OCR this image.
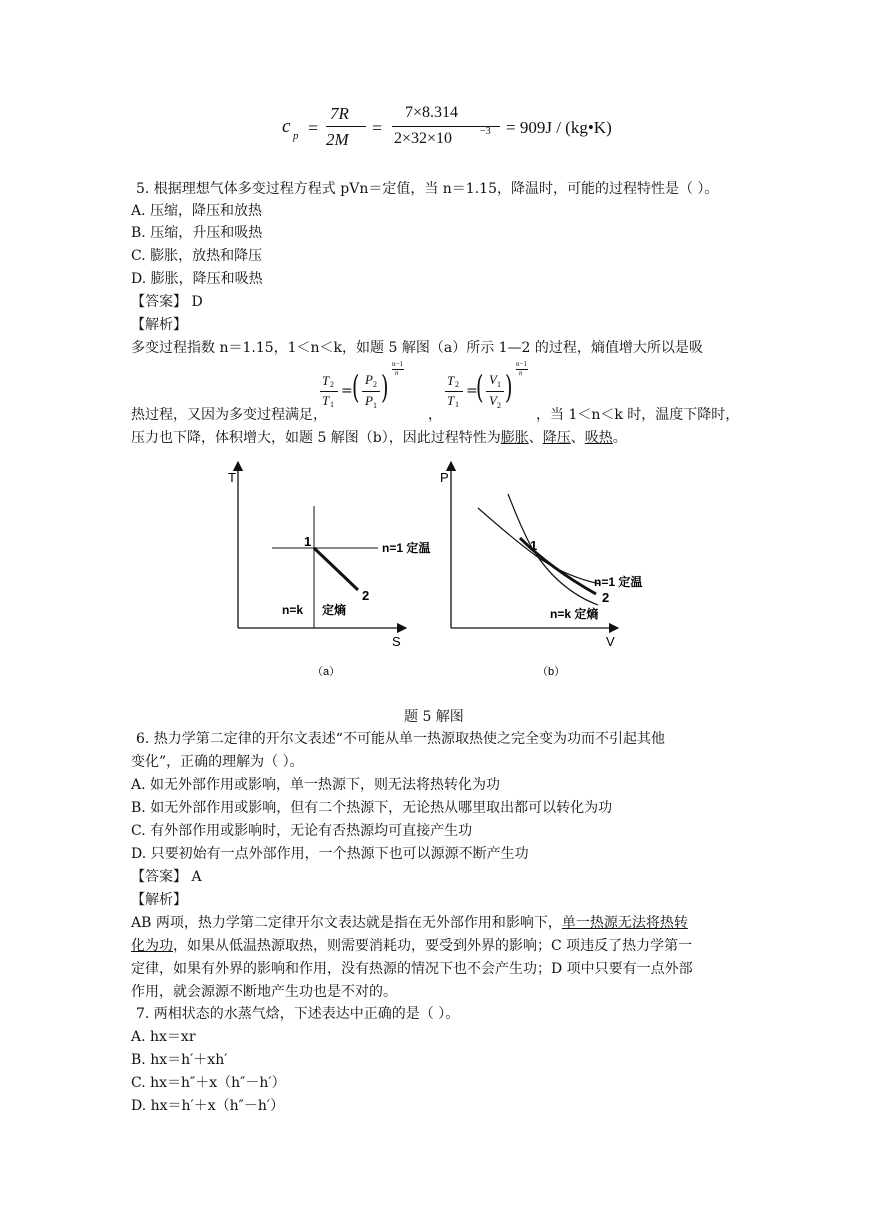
c p =
7R
2M
=
7×8.314
2×32×10	−3 = 909J / (kg•K)
5. 根据理想气体多变过程方程式 pVn＝定值，当 n＝1.15，降温时，可能的过程特性是（ ）。
A. 压缩，降压和放热
B. 压缩，升压和吸热
C. 膨胀，放热和降压
D. 膨胀，降压和吸热
【答案】 D
【解析】
多变过程指数 n＝1.15，1＜n＜k，如题 5 解图（a）所示 1—2 的过程，熵值增大所以是吸
T 2
T 1
= ( P 2
P 1 )
n−1
n	T 2
T 1
=
( V 1
V 2 )
n−1
n
热过程，又因为多变过程满足，	，	，当 1＜n＜k 时，温度下降时，
压力也下降，体积增大，如题 5 解图（b），因此过程特性为膨胀、降压、吸热。
T
S
1
2
n=1 定温
n=k 定熵
（a）
P
V
1
2
n=1 定温
n=k 定熵
（b）
题 5 解图
6. 热力学第二定律的开尔文表述“不可能从单一热源取热使之完全变为功而不引起其他
变化”，正确的理解为（ ）。
A. 如无外部作用或影响，单一热源下，则无法将热转化为功
B. 如无外部作用或影响，但有二个热源下，无论热从哪里取出都可以转化为功
C. 有外部作用或影响时，无论有否热源均可直接产生功
D. 只要初始有一点外部作用，一个热源下也可以源源不断产生功
【答案】 A
【解析】
AB 两项，热力学第二定律开尔文表达就是指在无外部作用和影响下，单一热源无法将热转
化为功，如果从低温热源取热，则需要消耗功，要受到外界的影响；C 项违反了热力学第一
定律，如果有外界的影响和作用，没有热源的情况下也不会产生功；D 项中只要有一点外部
作用，就会源源不断地产生功也是不对的。
7. 两相状态的水蒸气焓，下述表达中正确的是（ ）。
A. hx＝xr
B. hx＝h′＋xh′
C. hx＝h″＋x（h″－h′）
D. hx＝h′＋x（h″－h′）
